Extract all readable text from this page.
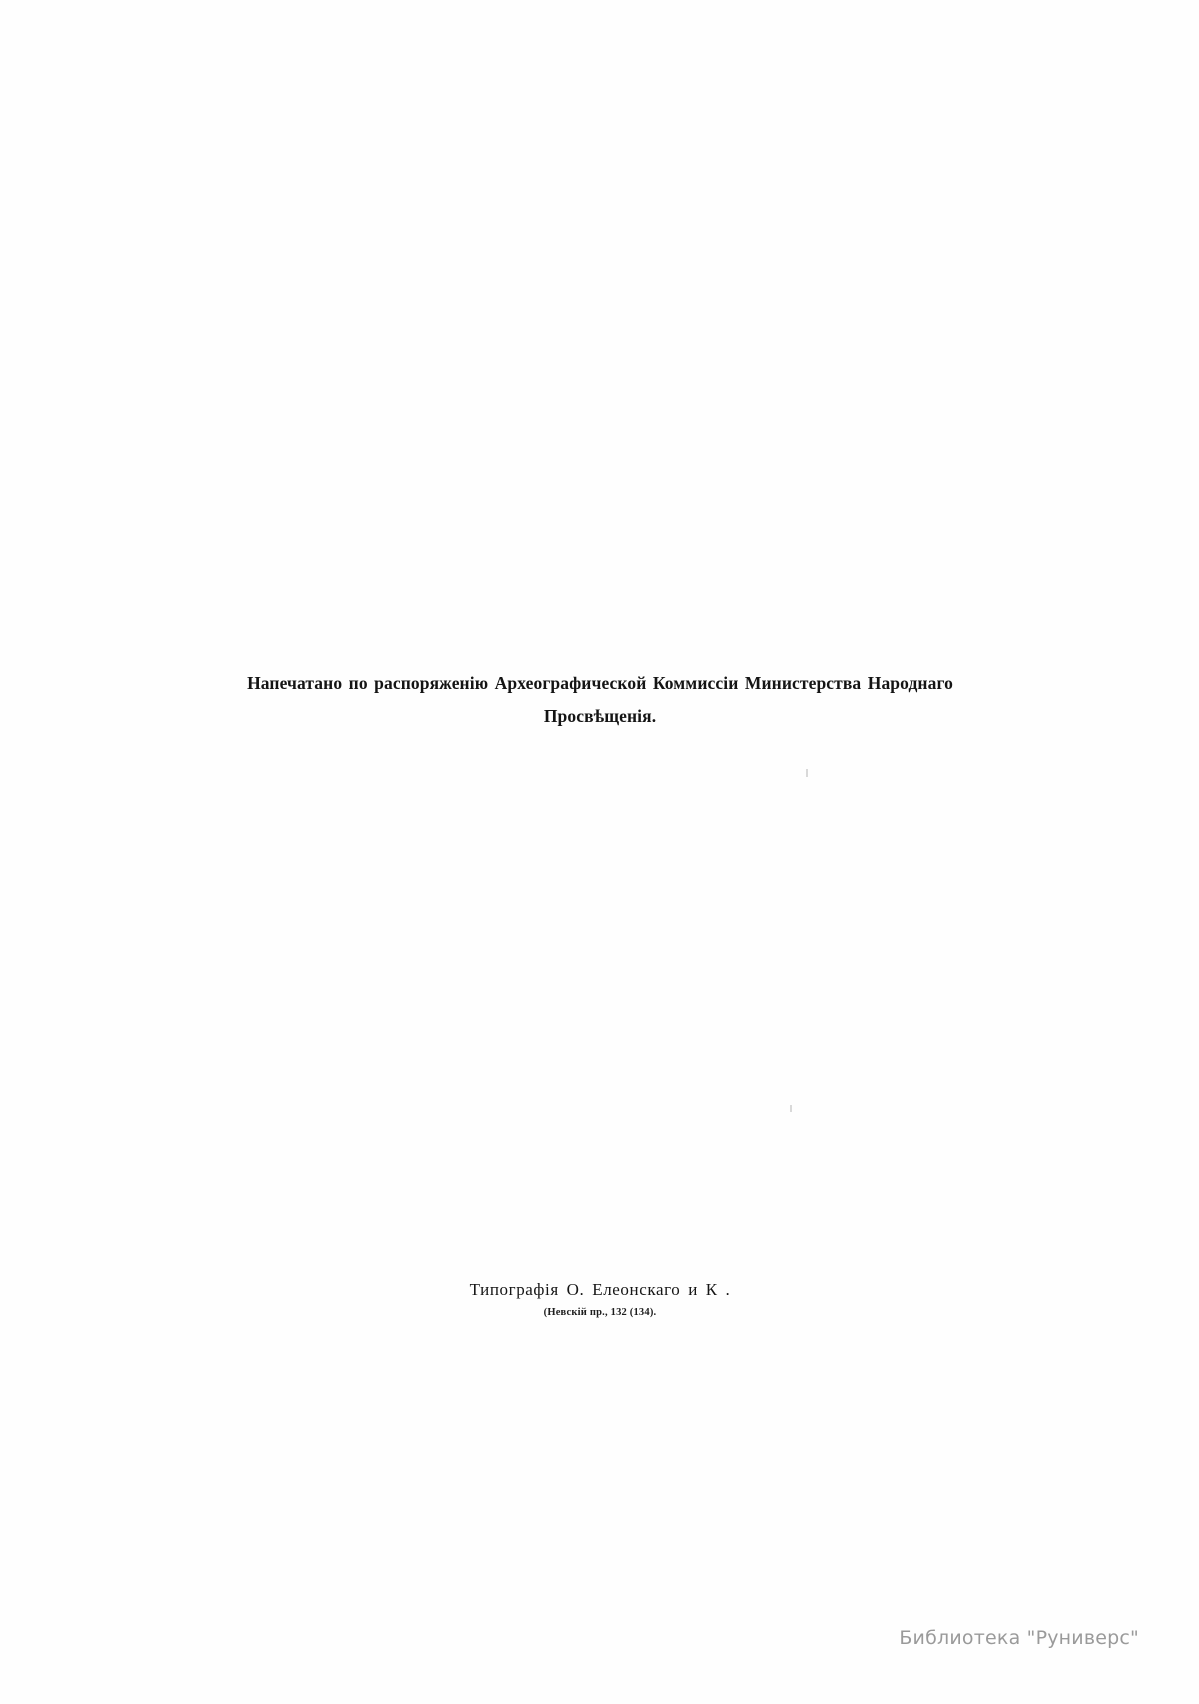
Напечатано по распоряженію Археографической Коммиссіи Министерства Народнаго
Просвѣщенія.
Типографія О. Елеонскаго и К .
(Невскій пр., 132 (134).
Библиотека "Руниверс"
